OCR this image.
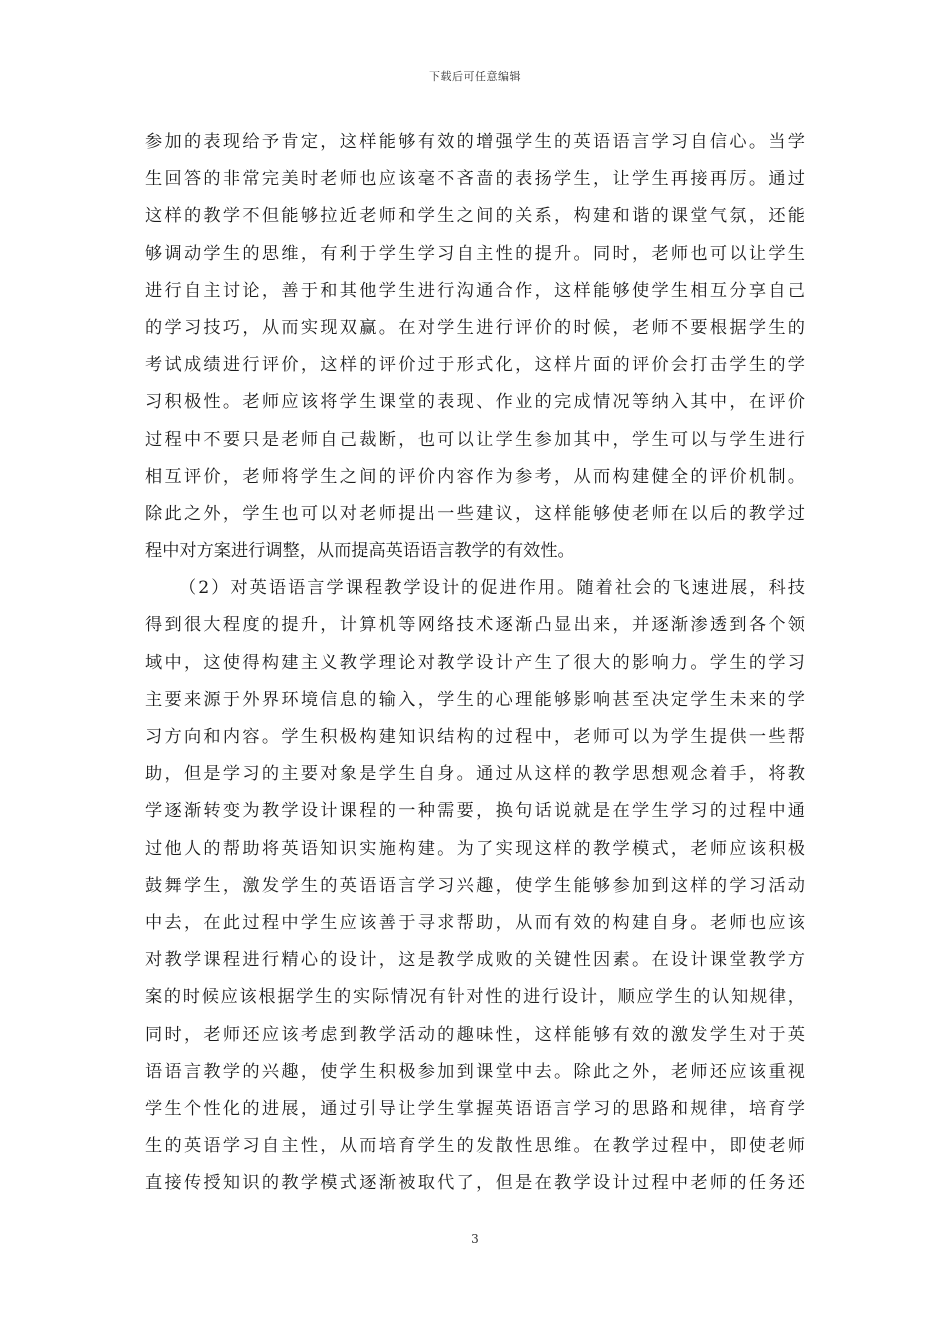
下载后可任意编辑
参加的表现给予肯定，这样能够有效的增强学生的英语语言学习自信心。当学
生回答的非常完美时老师也应该毫不吝啬的表扬学生，让学生再接再厉。通过
这样的教学不但能够拉近老师和学生之间的关系，构建和谐的课堂气氛，还能
够调动学生的思维，有利于学生学习自主性的提升。同时，老师也可以让学生
进行自主讨论，善于和其他学生进行沟通合作，这样能够使学生相互分享自己
的学习技巧，从而实现双赢。在对学生进行评价的时候，老师不要根据学生的
考试成绩进行评价，这样的评价过于形式化，这样片面的评价会打击学生的学
习积极性。老师应该将学生课堂的表现、作业的完成情况等纳入其中，在评价
过程中不要只是老师自己裁断，也可以让学生参加其中，学生可以与学生进行
相互评价，老师将学生之间的评价内容作为参考，从而构建健全的评价机制。
除此之外，学生也可以对老师提出一些建议，这样能够使老师在以后的教学过
程中对方案进行调整，从而提高英语语言教学的有效性。
（2）对英语语言学课程教学设计的促进作用。随着社会的飞速进展，科技
得到很大程度的提升，计算机等网络技术逐渐凸显出来，并逐渐渗透到各个领
域中，这使得构建主义教学理论对教学设计产生了很大的影响力。学生的学习
主要来源于外界环境信息的输入，学生的心理能够影响甚至决定学生未来的学
习方向和内容。学生积极构建知识结构的过程中，老师可以为学生提供一些帮
助，但是学习的主要对象是学生自身。通过从这样的教学思想观念着手，将教
学逐渐转变为教学设计课程的一种需要，换句话说就是在学生学习的过程中通
过他人的帮助将英语知识实施构建。为了实现这样的教学模式，老师应该积极
鼓舞学生，激发学生的英语语言学习兴趣，使学生能够参加到这样的学习活动
中去，在此过程中学生应该善于寻求帮助，从而有效的构建自身。老师也应该
对教学课程进行精心的设计，这是教学成败的关键性因素。在设计课堂教学方
案的时候应该根据学生的实际情况有针对性的进行设计，顺应学生的认知规律，
同时，老师还应该考虑到教学活动的趣味性，这样能够有效的激发学生对于英
语语言教学的兴趣，使学生积极参加到课堂中去。除此之外，老师还应该重视
学生个性化的进展，通过引导让学生掌握英语语言学习的思路和规律，培育学
生的英语学习自主性，从而培育学生的发散性思维。在教学过程中，即使老师
直接传授知识的教学模式逐渐被取代了，但是在教学设计过程中老师的任务还
3
